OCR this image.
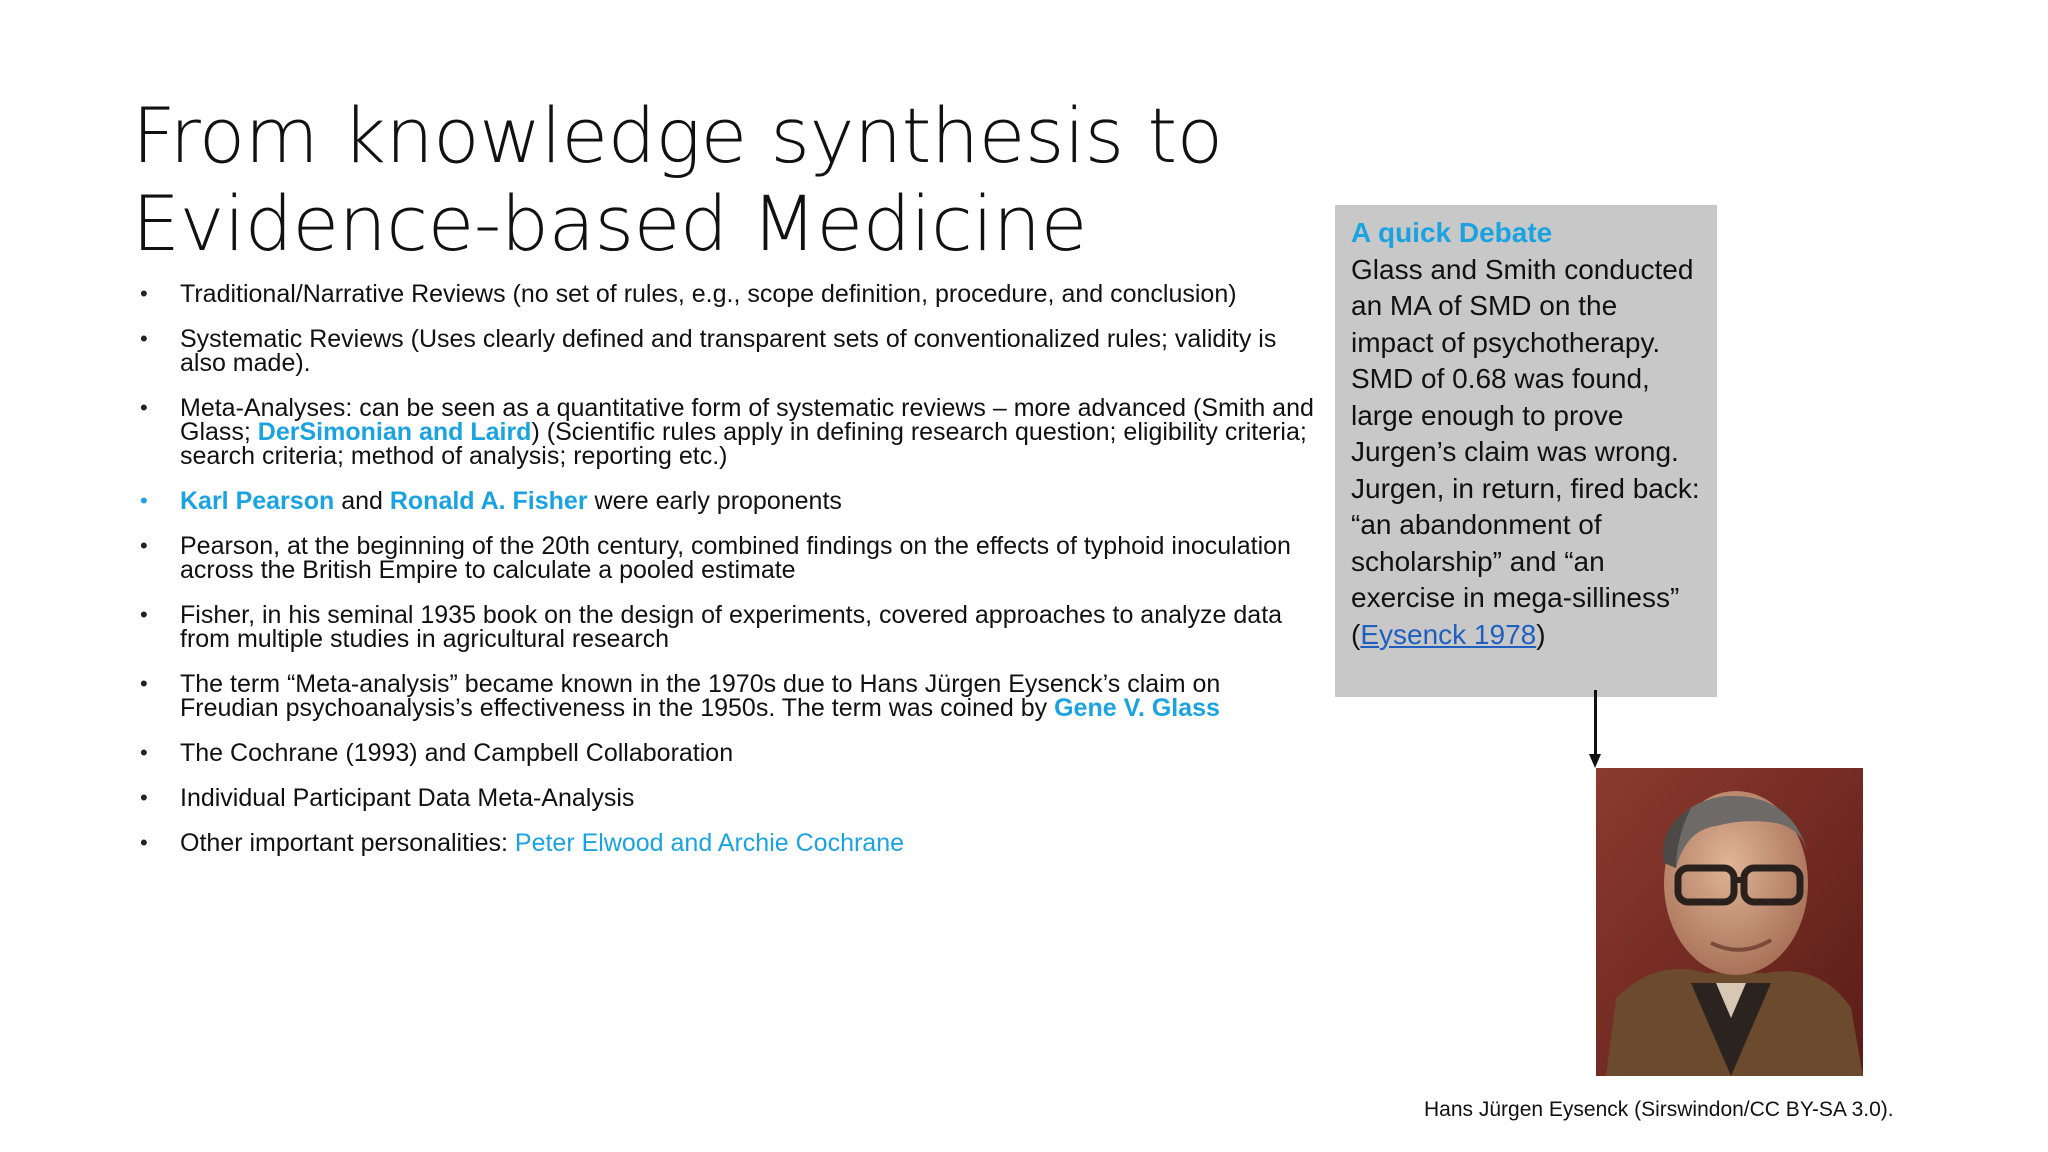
From knowledge synthesis to Evidence-based Medicine
•	Traditional/Narrative Reviews (no set of rules, e.g., scope definition, procedure, and conclusion)
•	Systematic Reviews (Uses clearly defined and transparent sets of conventionalized rules; validity is also made).
•	Meta-Analyses: can be seen as a quantitative form of systematic reviews – more advanced (Smith and Glass; DerSimonian and Laird) (Scientific rules apply in defining research question; eligibility criteria; search criteria; method of analysis; reporting etc.)
•	Karl Pearson and Ronald A. Fisher were early proponents
•	Pearson, at the beginning of the 20th century, combined findings on the effects of typhoid inoculation across the British Empire to calculate a pooled estimate
•	Fisher, in his seminal 1935 book on the design of experiments, covered approaches to analyze data from multiple studies in agricultural research
•	The term “Meta-analysis” became known in the 1970s due to Hans Jürgen Eysenck’s claim on Freudian psychoanalysis’s effectiveness in the 1950s. The term was coined by Gene V. Glass
•	The Cochrane (1993) and Campbell Collaboration
•	Individual Participant Data Meta-Analysis
•	Other important personalities: Peter Elwood and Archie Cochrane
A quick Debate
Glass and Smith conducted an MA of SMD on the impact of psychotherapy. SMD of 0.68 was found, large enough to prove Jurgen’s claim was wrong. Jurgen, in return, fired back: “an abandonment of scholarship” and “an exercise in mega-silliness” (Eysenck 1978)
Hans Jürgen Eysenck (Sirswindon/CC BY-SA 3.0).
